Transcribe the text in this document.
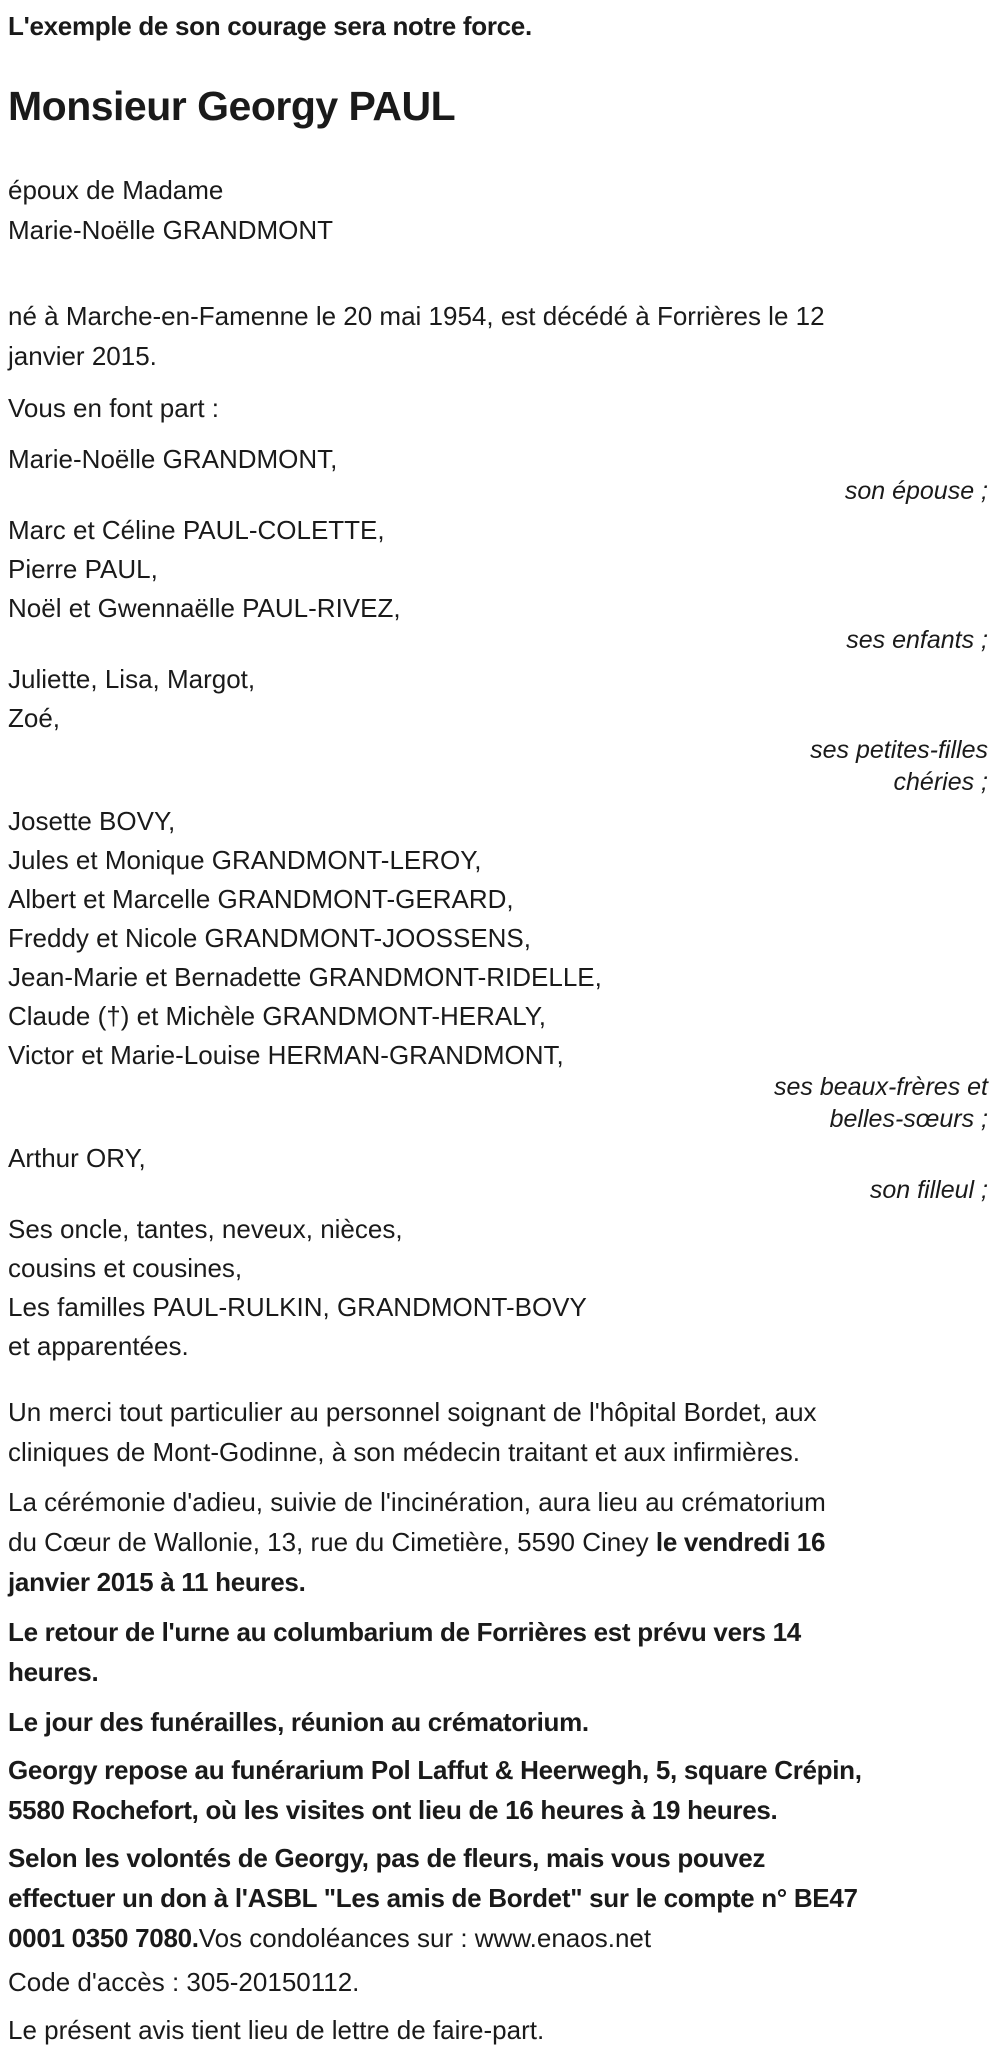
L'exemple de son courage sera notre force.

Monsieur Georgy PAUL
époux de Madame
Marie-Noëlle GRANDMONT
né à Marche-en-Famenne le 20 mai 1954, est décédé à Forrières le 12
janvier 2015.

Vous en font part :

Marie-Noëlle GRANDMONT,
son épouse ;
Marc et Céline PAUL-COLETTE,
Pierre PAUL,
Noël et Gwennaëlle PAUL-RIVEZ,
ses enfants ;
Juliette, Lisa, Margot,
Zoé,
ses petites-filles
chéries ;
Josette BOVY,
Jules et Monique GRANDMONT-LEROY,
Albert et Marcelle GRANDMONT-GERARD,
Freddy et Nicole GRANDMONT-JOOSSENS,
Jean-Marie et Bernadette GRANDMONT-RIDELLE,
Claude (†) et Michèle GRANDMONT-HERALY,
Victor et Marie-Louise HERMAN-GRANDMONT,
ses beaux-frères et
belles-sœurs ;
Arthur ORY,
son filleul ;
Ses oncle, tantes, neveux, nièces,
cousins et cousines,
Les familles PAUL-RULKIN, GRANDMONT-BOVY
et apparentées.
Un merci tout particulier au personnel soignant de l'hôpital Bordet, aux
cliniques de Mont-Godinne, à son médecin traitant et aux infirmières.
La cérémonie d'adieu, suivie de l'incinération, aura lieu au crématorium
du Cœur de Wallonie, 13, rue du Cimetière, 5590 Ciney le vendredi 16
janvier 2015 à 11 heures.
Le retour de l'urne au columbarium de Forrières est prévu vers 14
heures.
Le jour des funérailles, réunion au crématorium.
Georgy repose au funérarium Pol Laffut & Heerwegh, 5, square Crépin,
5580 Rochefort, où les visites ont lieu de 16 heures à 19 heures.
Selon les volontés de Georgy, pas de fleurs, mais vous pouvez
effectuer un don à l'ASBL "Les amis de Bordet" sur le compte n° BE47
0001 0350 7080.Vos condoléances sur : www.enaos.net

Code d'accès : 305-20150112.

Le présent avis tient lieu de lettre de faire-part.
